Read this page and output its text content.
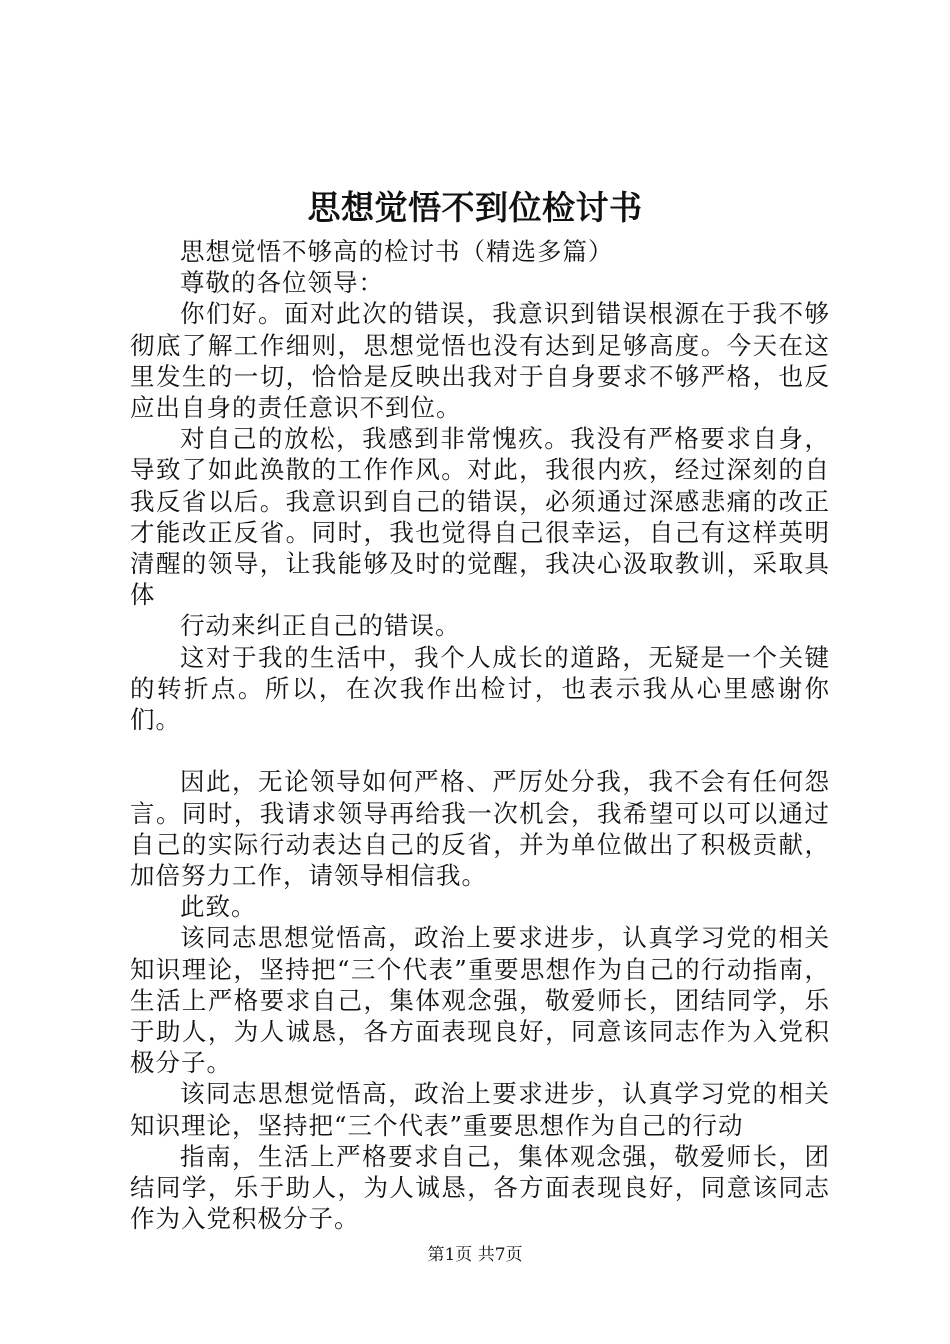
思想觉悟不到位检讨书

思想觉悟不够高的检讨书（精选多篇）

尊敬的各位领导：

你们好。面对此次的错误，我意识到错误根源在于我不够彻底了解工作细则，思想觉悟也没有达到足够高度。今天在这里发生的一切，恰恰是反映出我对于自身要求不够严格，也反应出自身的责任意识不到位。

对自己的放松，我感到非常愧疚。我没有严格要求自身，导致了如此涣散的工作作风。对此，我很内疚，经过深刻的自我反省以后。我意识到自己的错误，必须通过深感悲痛的改正才能改正反省。同时，我也觉得自己很幸运，自己有这样英明清醒的领导，让我能够及时的觉醒，我决心汲取教训，采取具体

行动来纠正自己的错误。

这对于我的生活中，我个人成长的道路，无疑是一个关键的转折点。所以，在次我作出检讨，也表示我从心里感谢你们。

因此，无论领导如何严格、严厉处分我，我不会有任何怨言。同时，我请求领导再给我一次机会，我希望可以可以通过自己的实际行动表达自己的反省，并为单位做出了积极贡献，加倍努力工作，请领导相信我。

此致。

该同志思想觉悟高，政治上要求进步，认真学习党的相关知识理论，坚持把“三个代表”重要思想作为自己的行动指南，生活上严格要求自己，集体观念强，敬爱师长，团结同学，乐于助人，为人诚恳，各方面表现良好，同意该同志作为入党积极分子。

该同志思想觉悟高，政治上要求进步，认真学习党的相关知识理论，坚持把“三个代表”重要思想作为自己的行动

指南，生活上严格要求自己，集体观念强，敬爱师长，团结同学，乐于助人，为人诚恳，各方面表现良好，同意该同志作为入党积极分子。

第1页 共7页
